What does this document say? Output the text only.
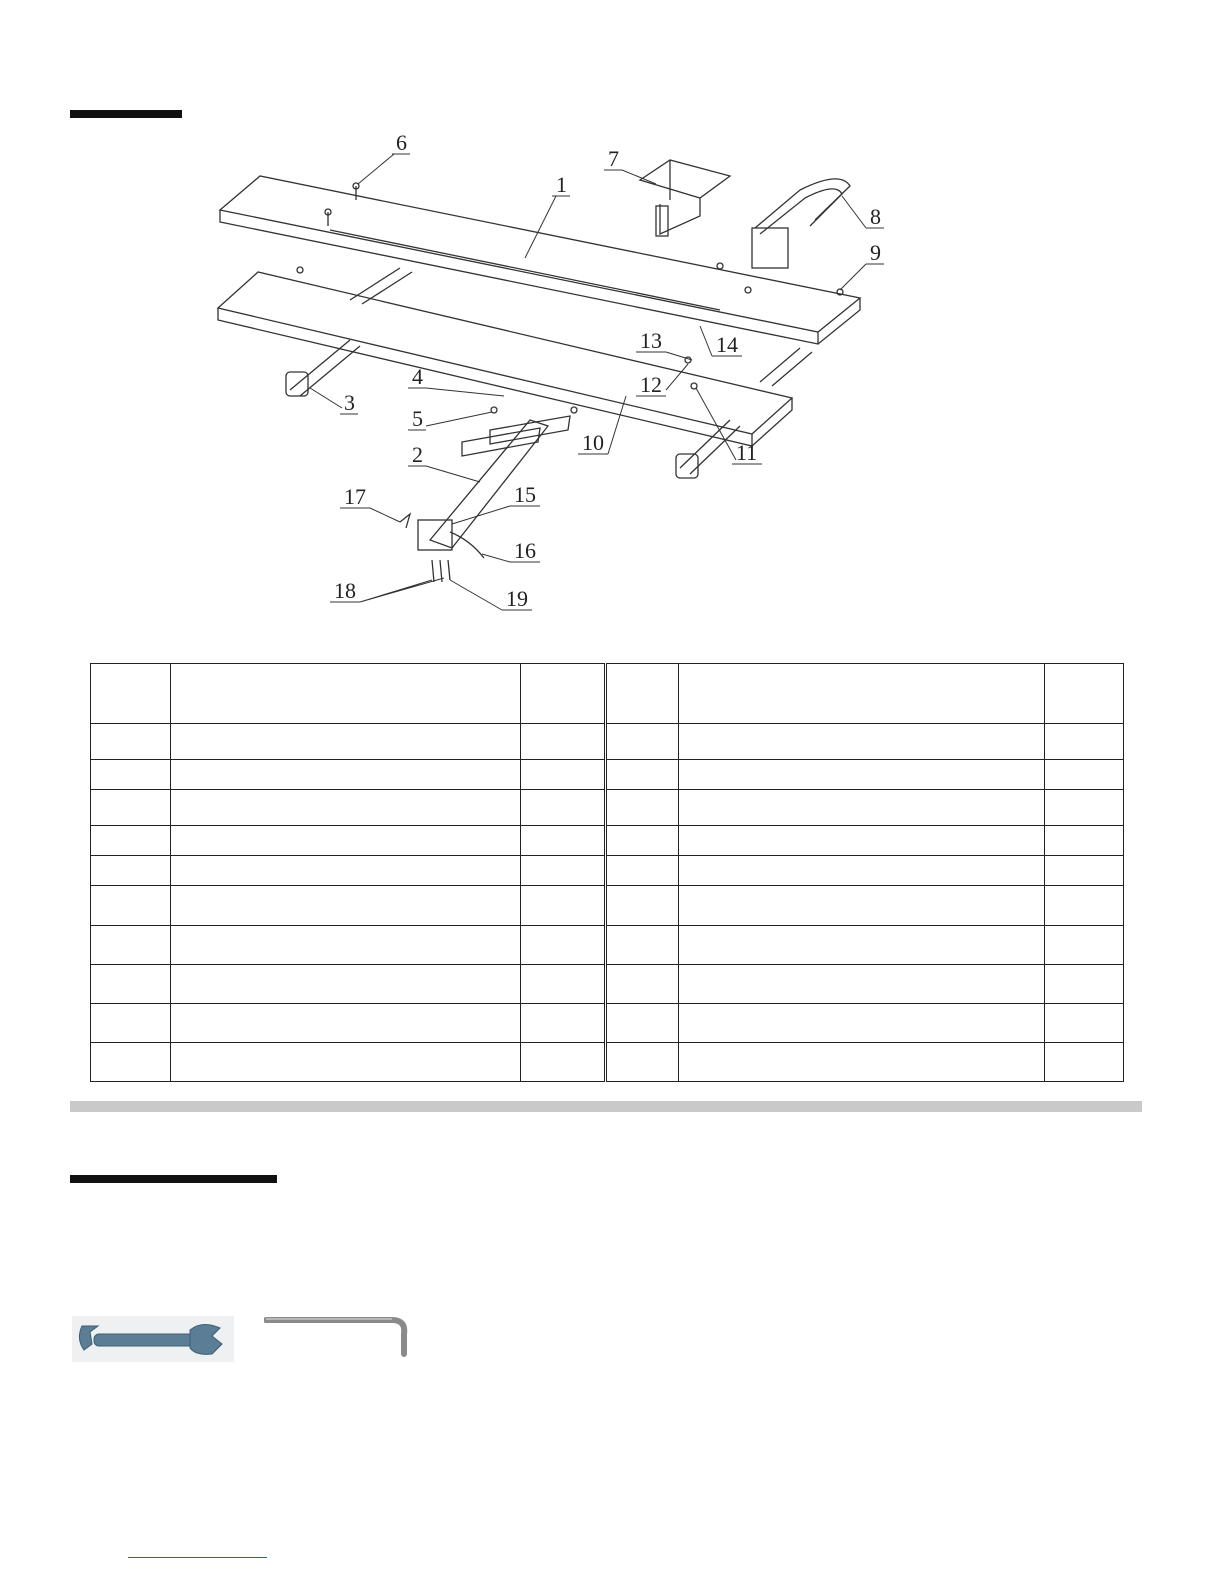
1
2
3
4
5
6
7
8
9
10	11
12
13 14
15
16
17
18	19
